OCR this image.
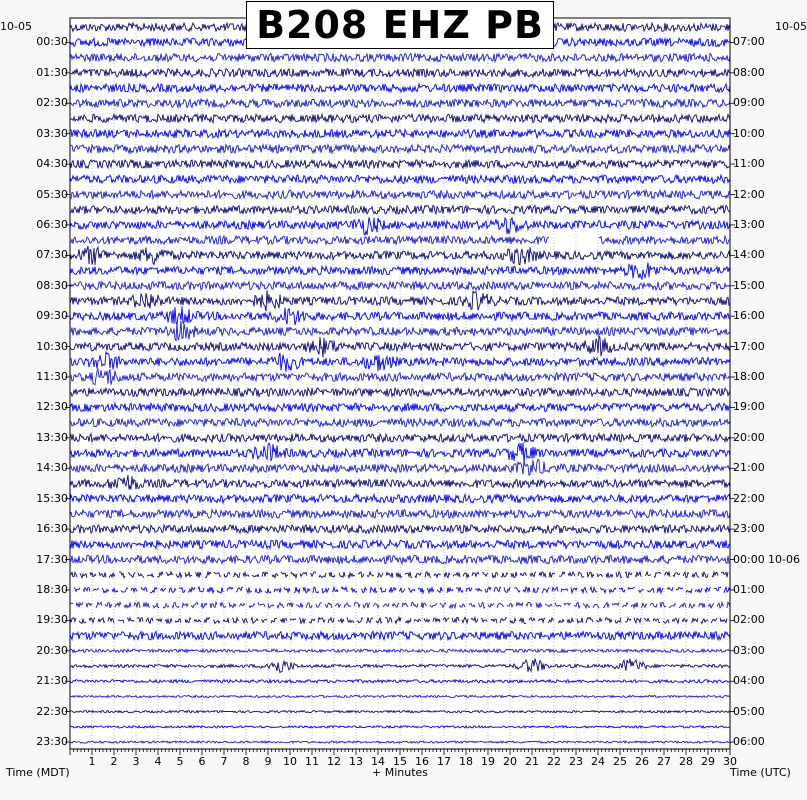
B208 EHZ PB
00:30
01:30
02:30
03:30
04:30
05:30
06:30
07:30
08:30
09:30
10:30
11:30
12:30
13:30
14:30
15:30
16:30
17:30
18:30
19:30
20:30
21:30
22:30
23:30
07:00
08:00
09:00
10:00
11:00
12:00
13:00
14:00
15:00
16:00
17:00
18:00
19:00
20:00
21:00
22:00
23:00
00:00 10-06
01:00
02:00
03:00
04:00
05:00
06:00
1	2	3	4	5	6	7	8	9	10 11 12 13 14 15 16 17 18 19 20 21 22 23 24 25 26 27 28 29 30
10-05	10-05
Time (MDT)	Time (UTC)
+ Minutes
